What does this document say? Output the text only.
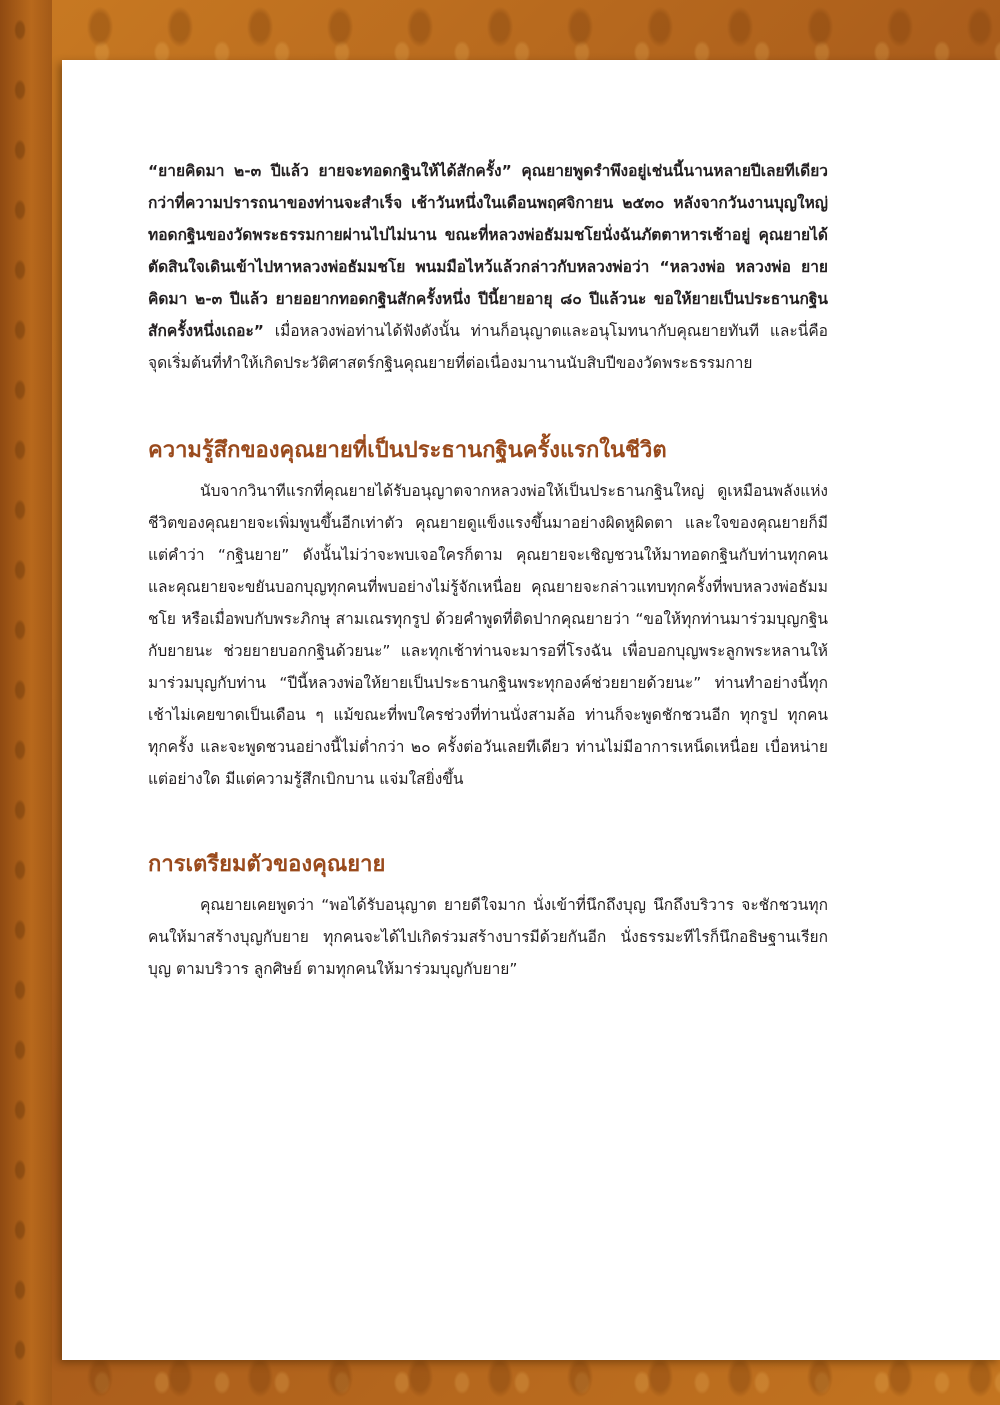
“ยายคิดมา ๒-๓ ปีแล้ว ยายจะทอดกฐินให้ได้สักครั้ง” คุณยายพูดรำพึงอยู่เช่นนี้นานหลายปีเลยทีเดียวกว่าที่ความปรารถนาของท่านจะสำเร็จ เช้าวันหนึ่งในเดือนพฤศจิกายน ๒๕๓๐ หลังจากวันงานบุญใหญ่ทอดกฐินของวัดพระธรรมกายผ่านไปไม่นาน ขณะที่หลวงพ่อธัมมชโยนั่งฉันภัตตาหารเช้าอยู่ คุณยายได้ตัดสินใจเดินเข้าไปหาหลวงพ่อธัมมชโย พนมมือไหว้แล้วกล่าวกับหลวงพ่อว่า “หลวงพ่อ หลวงพ่อ ยายคิดมา ๒-๓ ปีแล้ว ยายอยากทอดกฐินสักครั้งหนึ่ง ปีนี้ยายอายุ ๘๐ ปีแล้วนะ ขอให้ยายเป็นประธานกฐินสักครั้งหนึ่งเถอะ” เมื่อหลวงพ่อท่านได้ฟังดังนั้น ท่านก็อนุญาตและอนุโมทนากับคุณยายทันที และนี่คือจุดเริ่มต้นที่ทำให้เกิดประวัติศาสตร์กฐินคุณยายที่ต่อเนื่องมานานนับสิบปีของวัดพระธรรมกาย

ความรู้สึกของคุณยายที่เป็นประธานกฐินครั้งแรกในชีวิต

นับจากวินาทีแรกที่คุณยายได้รับอนุญาตจากหลวงพ่อให้เป็นประธานกฐินใหญ่ ดูเหมือนพลังแห่งชีวิตของคุณยายจะเพิ่มพูนขึ้นอีกเท่าตัว คุณยายดูแข็งแรงขึ้นมาอย่างผิดหูผิดตา และใจของคุณยายก็มีแต่คำว่า “กฐินยาย” ดังนั้นไม่ว่าจะพบเจอใครก็ตาม คุณยายจะเชิญชวนให้มาทอดกฐินกับท่านทุกคน และคุณยายจะขยันบอกบุญทุกคนที่พบอย่างไม่รู้จักเหนื่อย คุณยายจะกล่าวแทบทุกครั้งที่พบหลวงพ่อธัมมชโย หรือเมื่อพบกับพระภิกษุ สามเณรทุกรูป ด้วยคำพูดที่ติดปากคุณยายว่า “ขอให้ทุกท่านมาร่วมบุญกฐินกับยายนะ ช่วยยายบอกกฐินด้วยนะ” และทุกเช้าท่านจะมารอที่โรงฉัน เพื่อบอกบุญพระลูกพระหลานให้มาร่วมบุญกับท่าน “ปีนี้หลวงพ่อให้ยายเป็นประธานกฐินพระทุกองค์ช่วยยายด้วยนะ” ท่านทำอย่างนี้ทุกเช้าไม่เคยขาดเป็นเดือน ๆ แม้ขณะที่พบใครช่วงที่ท่านนั่งสามล้อ ท่านก็จะพูดชักชวนอีก ทุกรูป ทุกคน ทุกครั้ง และจะพูดชวนอย่างนี้ไม่ต่ำกว่า ๒๐ ครั้งต่อวันเลยทีเดียว ท่านไม่มีอาการเหน็ดเหนื่อย เบื่อหน่ายแต่อย่างใด มีแต่ความรู้สึกเบิกบาน แจ่มใสยิ่งขึ้น

การเตรียมตัวของคุณยาย

คุณยายเคยพูดว่า “พอได้รับอนุญาต ยายดีใจมาก นั่งเข้าที่นึกถึงบุญ นึกถึงบริวาร จะชักชวนทุกคนให้มาสร้างบุญกับยาย ทุกคนจะได้ไปเกิดร่วมสร้างบารมีด้วยกันอีก นั่งธรรมะทีไรก็นึกอธิษฐานเรียกบุญ ตามบริวาร ลูกศิษย์ ตามทุกคนให้มาร่วมบุญกับยาย”
